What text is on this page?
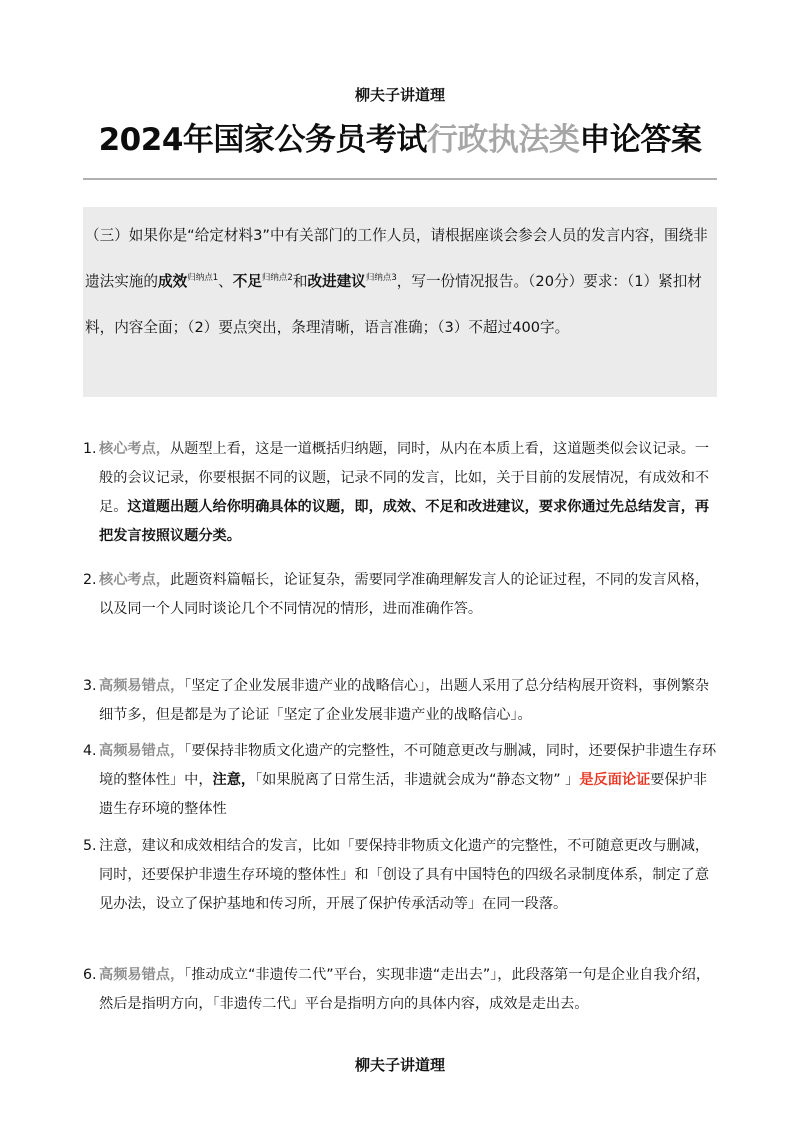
柳夫子讲道理
2024年国家公务员考试行政执法类申论答案
（三）如果你是“给定材料3”中有关部门的工作人员，请根据座谈会参会人员的发言内容，围绕非遗法实施的成效$^{归纳点1}$、不足$^{归纳点2}$和改进建议$^{归纳点3}$，写一份情况报告。（20分）要求：（1）紧扣材料，内容全面；（2）要点突出，条理清晰，语言准确；（3）不超过400字。
1. 核心考点，从题型上看，这是一道概括归纳题，同时，从内在本质上看，这道题类似会议记录。一般的会议记录，你要根据不同的议题，记录不同的发言，比如，关于目前的发展情况，有成效和不足。这道题出题人给你明确具体的议题，即，成效、不足和改进建议，要求你通过先总结发言，再把发言按照议题分类。
2. 核心考点，此题资料篇幅长，论证复杂，需要同学准确理解发言人的论证过程，不同的发言风格，以及同一个人同时谈论几个不同情况的情形，进而准确作答。
3. 高频易错点，「坚定了企业发展非遗产业的战略信心」，出题人采用了总分结构展开资料，事例繁杂细节多，但是都是为了论证「坚定了企业发展非遗产业的战略信心」。
4. 高频易错点，「要保持非物质文化遗产的完整性，不可随意更改与删减，同时，还要保护非遗生存环境的整体性」中，注意，「如果脱离了日常生活，非遗就会成为“静态文物” 」是反面论证要保护非遗生存环境的整体性
5. 注意，建议和成效相结合的发言，比如「要保持非物质文化遗产的完整性，不可随意更改与删减，同时，还要保护非遗生存环境的整体性」和「创设了具有中国特色的四级名录制度体系，制定了意见办法，设立了保护基地和传习所，开展了保护传承活动等」在同一段落。
6. 高频易错点，「推动成立“非遗传二代”平台，实现非遗“走出去”」，此段落第一句是企业自我介绍，然后是指明方向，「非遗传二代」平台是指明方向的具体内容，成效是走出去。
柳夫子讲道理
